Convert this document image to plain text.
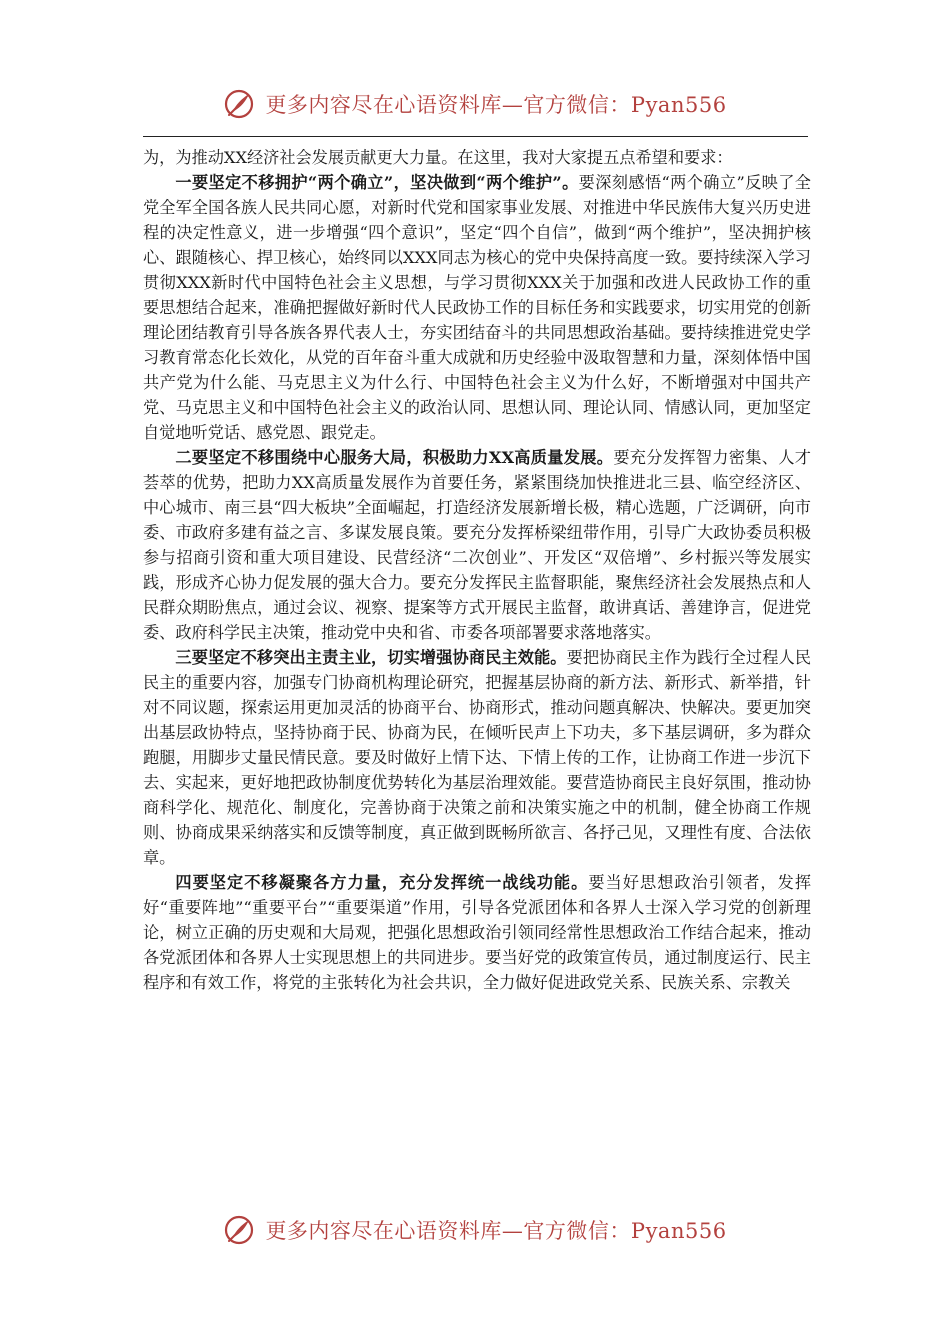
更多内容尽在心语资料库—官方微信：Pyan556

为，为推动XX经济社会发展贡献更大力量。在这里，我对大家提五点希望和要求：

一要坚定不移拥护“两个确立”，坚决做到“两个维护”。要深刻感悟“两个确立”反映了全党全军全国各族人民共同心愿，对新时代党和国家事业发展、对推进中华民族伟大复兴历史进程的决定性意义，进一步增强“四个意识”，坚定“四个自信”，做到“两个维护”，坚决拥护核心、跟随核心、捍卫核心，始终同以XXX同志为核心的党中央保持高度一致。要持续深入学习贯彻XXX新时代中国特色社会主义思想，与学习贯彻XXX关于加强和改进人民政协工作的重要思想结合起来，准确把握做好新时代人民政协工作的目标任务和实践要求，切实用党的创新理论团结教育引导各族各界代表人士，夯实团结奋斗的共同思想政治基础。要持续推进党史学习教育常态化长效化，从党的百年奋斗重大成就和历史经验中汲取智慧和力量，深刻体悟中国共产党为什么能、马克思主义为什么行、中国特色社会主义为什么好，不断增强对中国共产党、马克思主义和中国特色社会主义的政治认同、思想认同、理论认同、情感认同，更加坚定自觉地听党话、感党恩、跟党走。

二要坚定不移围绕中心服务大局，积极助力XX高质量发展。要充分发挥智力密集、人才荟萃的优势，把助力XX高质量发展作为首要任务，紧紧围绕加快推进北三县、临空经济区、中心城市、南三县“四大板块”全面崛起，打造经济发展新增长极，精心选题，广泛调研，向市委、市政府多建有益之言、多谋发展良策。要充分发挥桥梁纽带作用，引导广大政协委员积极参与招商引资和重大项目建设、民营经济“二次创业”、开发区“双倍增”、乡村振兴等发展实践，形成齐心协力促发展的强大合力。要充分发挥民主监督职能，聚焦经济社会发展热点和人民群众期盼焦点，通过会议、视察、提案等方式开展民主监督，敢讲真话、善建诤言，促进党委、政府科学民主决策，推动党中央和省、市委各项部署要求落地落实。

三要坚定不移突出主责主业，切实增强协商民主效能。要把协商民主作为践行全过程人民民主的重要内容，加强专门协商机构理论研究，把握基层协商的新方法、新形式、新举措，针对不同议题，探索运用更加灵活的协商平台、协商形式，推动问题真解决、快解决。要更加突出基层政协特点，坚持协商于民、协商为民，在倾听民声上下功夫，多下基层调研，多为群众跑腿，用脚步丈量民情民意。要及时做好上情下达、下情上传的工作，让协商工作进一步沉下去、实起来，更好地把政协制度优势转化为基层治理效能。要营造协商民主良好氛围，推动协商科学化、规范化、制度化，完善协商于决策之前和决策实施之中的机制，健全协商工作规则、协商成果采纳落实和反馈等制度，真正做到既畅所欲言、各抒己见，又理性有度、合法依章。

四要坚定不移凝聚各方力量，充分发挥统一战线功能。要当好思想政治引领者，发挥好“重要阵地”“重要平台”“重要渠道”作用，引导各党派团体和各界人士深入学习党的创新理论，树立正确的历史观和大局观，把强化思想政治引领同经常性思想政治工作结合起来，推动各党派团体和各界人士实现思想上的共同进步。要当好党的政策宣传员，通过制度运行、民主程序和有效工作，将党的主张转化为社会共识，全力做好促进政党关系、民族关系、宗教关

更多内容尽在心语资料库—官方微信：Pyan556
